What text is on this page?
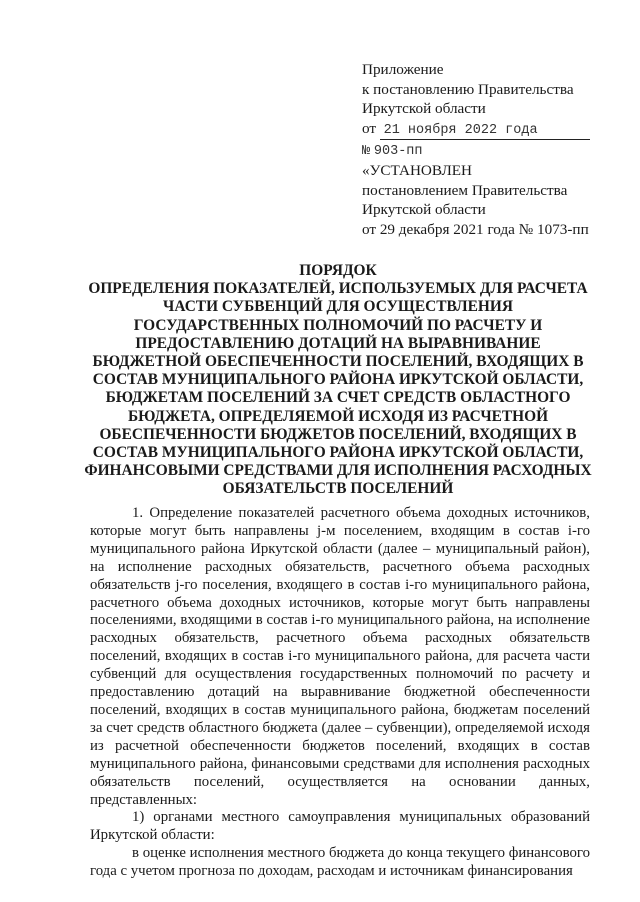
Приложение
к постановлению Правительства
Иркутской области
от 21 ноября 2022 года
№ 903-пп
«УСТАНОВЛЕН
постановлением Правительства
Иркутской области
от 29 декабря 2021 года № 1073-пп
ПОРЯДОК
ОПРЕДЕЛЕНИЯ ПОКАЗАТЕЛЕЙ, ИСПОЛЬЗУЕМЫХ ДЛЯ РАСЧЕТА
ЧАСТИ СУБВЕНЦИЙ ДЛЯ ОСУЩЕСТВЛЕНИЯ
ГОСУДАРСТВЕННЫХ ПОЛНОМОЧИЙ ПО РАСЧЕТУ И
ПРЕДОСТАВЛЕНИЮ ДОТАЦИЙ НА ВЫРАВНИВАНИЕ
БЮДЖЕТНОЙ ОБЕСПЕЧЕННОСТИ ПОСЕЛЕНИЙ, ВХОДЯЩИХ В
СОСТАВ МУНИЦИПАЛЬНОГО РАЙОНА ИРКУТСКОЙ ОБЛАСТИ,
БЮДЖЕТАМ ПОСЕЛЕНИЙ ЗА СЧЕТ СРЕДСТВ ОБЛАСТНОГО
БЮДЖЕТА, ОПРЕДЕЛЯЕМОЙ ИСХОДЯ ИЗ РАСЧЕТНОЙ
ОБЕСПЕЧЕННОСТИ БЮДЖЕТОВ ПОСЕЛЕНИЙ, ВХОДЯЩИХ В
СОСТАВ МУНИЦИПАЛЬНОГО РАЙОНА ИРКУТСКОЙ ОБЛАСТИ,
ФИНАНСОВЫМИ СРЕДСТВАМИ ДЛЯ ИСПОЛНЕНИЯ РАСХОДНЫХ
ОБЯЗАТЕЛЬСТВ ПОСЕЛЕНИЙ

1. Определение показателей расчетного объема доходных источников, которые могут быть направлены j-м поселением, входящим в состав i-го муниципального района Иркутской области (далее – муниципальный район), на исполнение расходных обязательств, расчетного объема расходных обязательств j-го поселения, входящего в состав i-го муниципального района, расчетного объема доходных источников, которые могут быть направлены поселениями, входящими в состав i-го муниципального района, на исполнение расходных обязательств, расчетного объема расходных обязательств поселений, входящих в состав i-го муниципального района, для расчета части субвенций для осуществления государственных полномочий по расчету и предоставлению дотаций на выравнивание бюджетной обеспеченности поселений, входящих в состав муниципального района, бюджетам поселений за счет средств областного бюджета (далее – субвенции), определяемой исходя из расчетной обеспеченности бюджетов поселений, входящих в состав муниципального района, финансовыми средствами для исполнения расходных обязательств поселений, осуществляется на основании данных, представленных:

1) органами местного самоуправления муниципальных образований Иркутской области:

в оценке исполнения местного бюджета до конца текущего финансового года с учетом прогноза по доходам, расходам и источникам финансирования
